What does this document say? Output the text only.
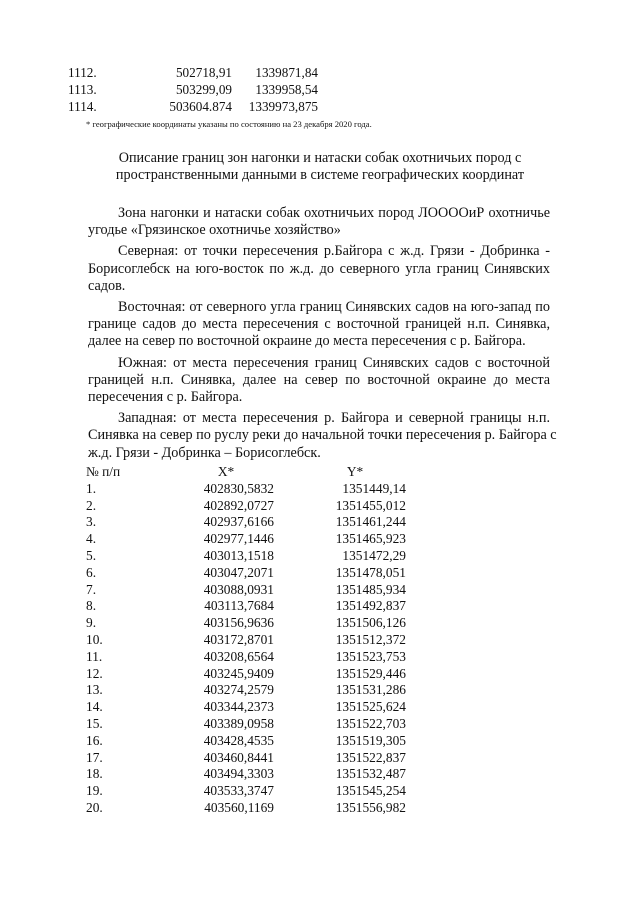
1112.	502718,91	1339871,84
1113.	503299,09	1339958,54
1114.	503604.874	1339973,875
* географические координаты указаны по состоянию на 23 декабря 2020 года.
Описание границ зон нагонки и натаски собак охотничьих пород с
пространственными данными в системе географических координат
Зона нагонки и натаски собак охотничьих пород ЛООООиР охотничье
угодье «Грязинское охотничье хозяйство»
Северная: от точки пересечения р.Байгора с ж.д. Грязи - Добринка -
Борисоглебск на юго-восток по ж.д. до северного угла границ Синявских
садов.
Восточная: от северного угла границ Синявских садов на юго-запад по
границе садов до места пересечения с восточной границей н.п. Синявка,
далее на север по восточной окраине до места пересечения с р. Байгора.
Южная: от места пересечения границ Синявских садов с восточной
границей н.п. Синявка, далее на север по восточной окраине до места
пересечения с р. Байгора.
Западная: от места пересечения р. Байгора и северной границы н.п.
Синявка на север по руслу реки до начальной точки пересечения р. Байгора с
ж.д. Грязи - Добринка – Борисоглебск.
№ п/п	X*	Y*
1.	402830,5832	1351449,14
2.	402892,0727	1351455,012
3.	402937,6166	1351461,244
4.	402977,1446	1351465,923
5.	403013,1518	1351472,29
6.	403047,2071	1351478,051
7.	403088,0931	1351485,934
8.	403113,7684	1351492,837
9.	403156,9636	1351506,126
10.	403172,8701	1351512,372
11.	403208,6564	1351523,753
12.	403245,9409	1351529,446
13.	403274,2579	1351531,286
14.	403344,2373	1351525,624
15.	403389,0958	1351522,703
16.	403428,4535	1351519,305
17.	403460,8441	1351522,837
18.	403494,3303	1351532,487
19.	403533,3747	1351545,254
20.	403560,1169	1351556,982
